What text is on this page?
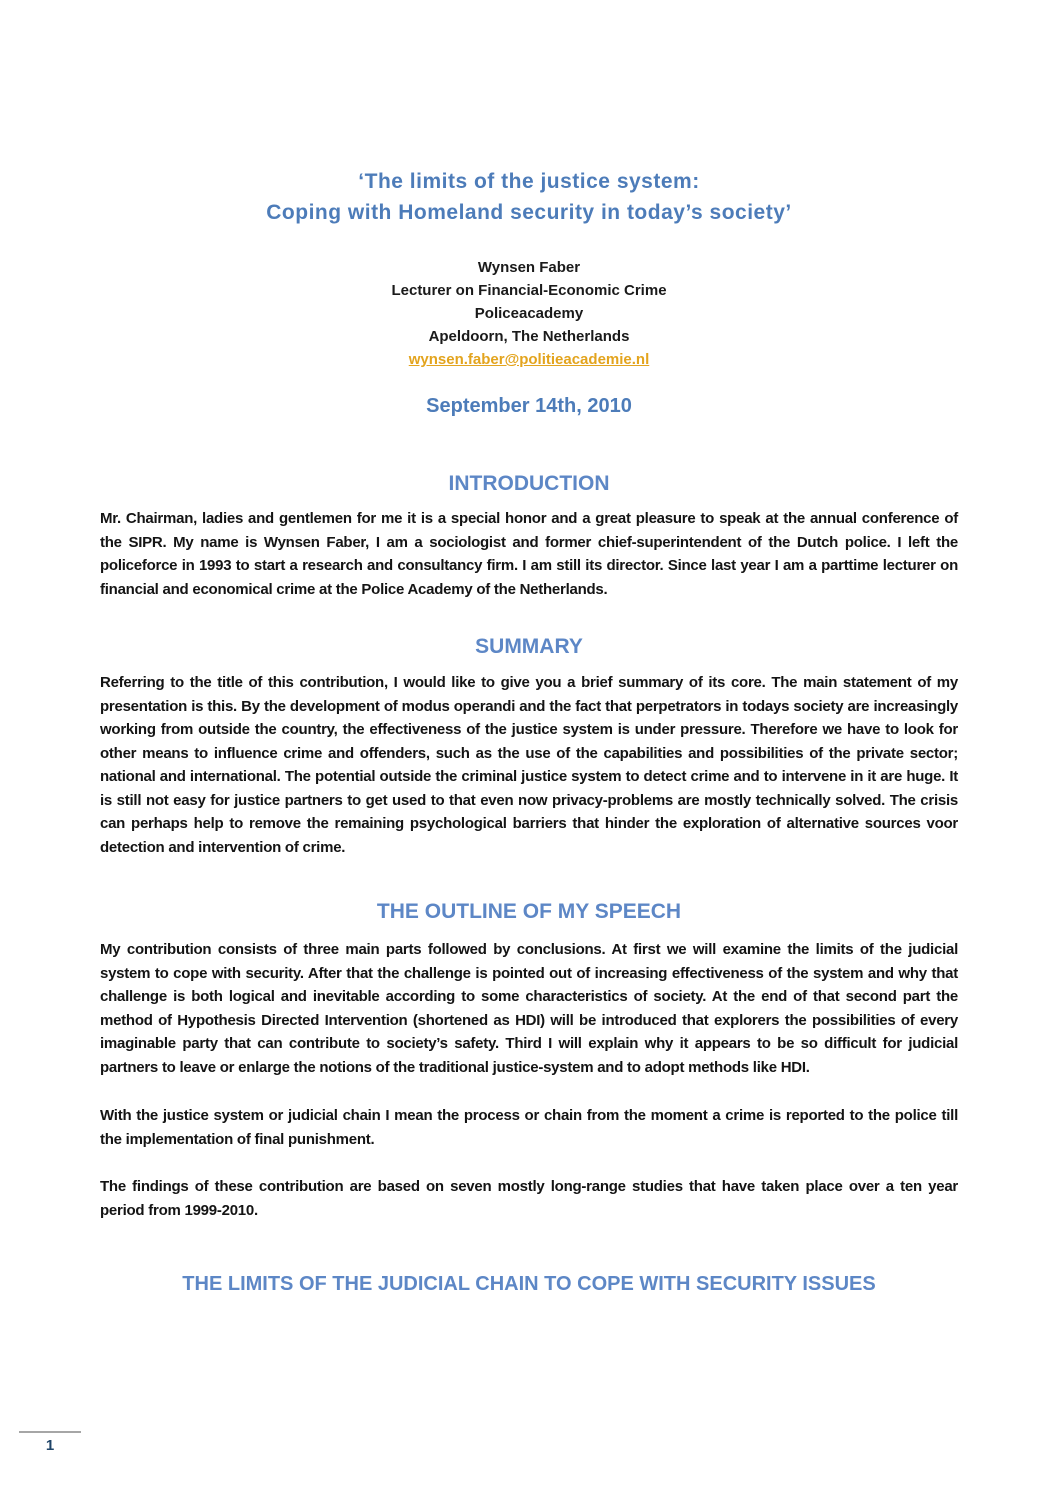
‘The limits of the justice system:
Coping with Homeland security in today’s society’
Wynsen Faber
Lecturer on Financial-Economic Crime
Policeacademy
Apeldoorn, The Netherlands
wynsen.faber@politieacademie.nl
September 14th, 2010
INTRODUCTION

Mr. Chairman, ladies and gentlemen for me it is a special honor and a great pleasure to speak at the annual conference of the SIPR. My name is Wynsen Faber, I am a sociologist and former chief-superintendent of the Dutch police. I left the policeforce in 1993 to start a research and consultancy firm. I am still its director. Since last year I am a parttime lecturer on financial and economical crime at the Police Academy of the Netherlands.

SUMMARY

Referring to the title of this contribution, I would like to give you a brief summary of its core. The main statement of my presentation is this. By the development of modus operandi and the fact that perpetrators in todays society are increasingly working from outside the country, the effectiveness of the justice system is under pressure. Therefore we have to look for other means to influence crime and offenders, such as the use of the capabilities and possibilities of the private sector; national and international. The potential outside the criminal justice system to detect crime and to intervene in it are huge. It is still not easy for justice partners to get used to that even now privacy-problems are mostly technically solved. The crisis can perhaps help to remove the remaining psychological barriers that hinder the exploration of alternative sources voor detection and intervention of crime.

THE OUTLINE OF MY SPEECH

My contribution consists of three main parts followed by conclusions. At first we will examine the limits of the judicial system to cope with security. After that the challenge is pointed out of increasing effectiveness of the system and why that challenge is both logical and inevitable according to some characteristics of society. At the end of that second part the method of Hypothesis Directed Intervention (shortened as HDI) will be introduced that explorers the possibilities of every imaginable party that can contribute to society’s safety. Third I will explain why it appears to be so difficult for judicial partners to leave or enlarge the notions of the traditional justice-system and to adopt methods like HDI.

With the justice system or judicial chain I mean the process or chain from the moment a crime is reported to the police till the implementation of final punishment.

The findings of these contribution are based on seven mostly long-range studies that have taken place over a ten year period from 1999-2010.

THE LIMITS OF THE JUDICIAL CHAIN TO COPE WITH SECURITY ISSUES
1
